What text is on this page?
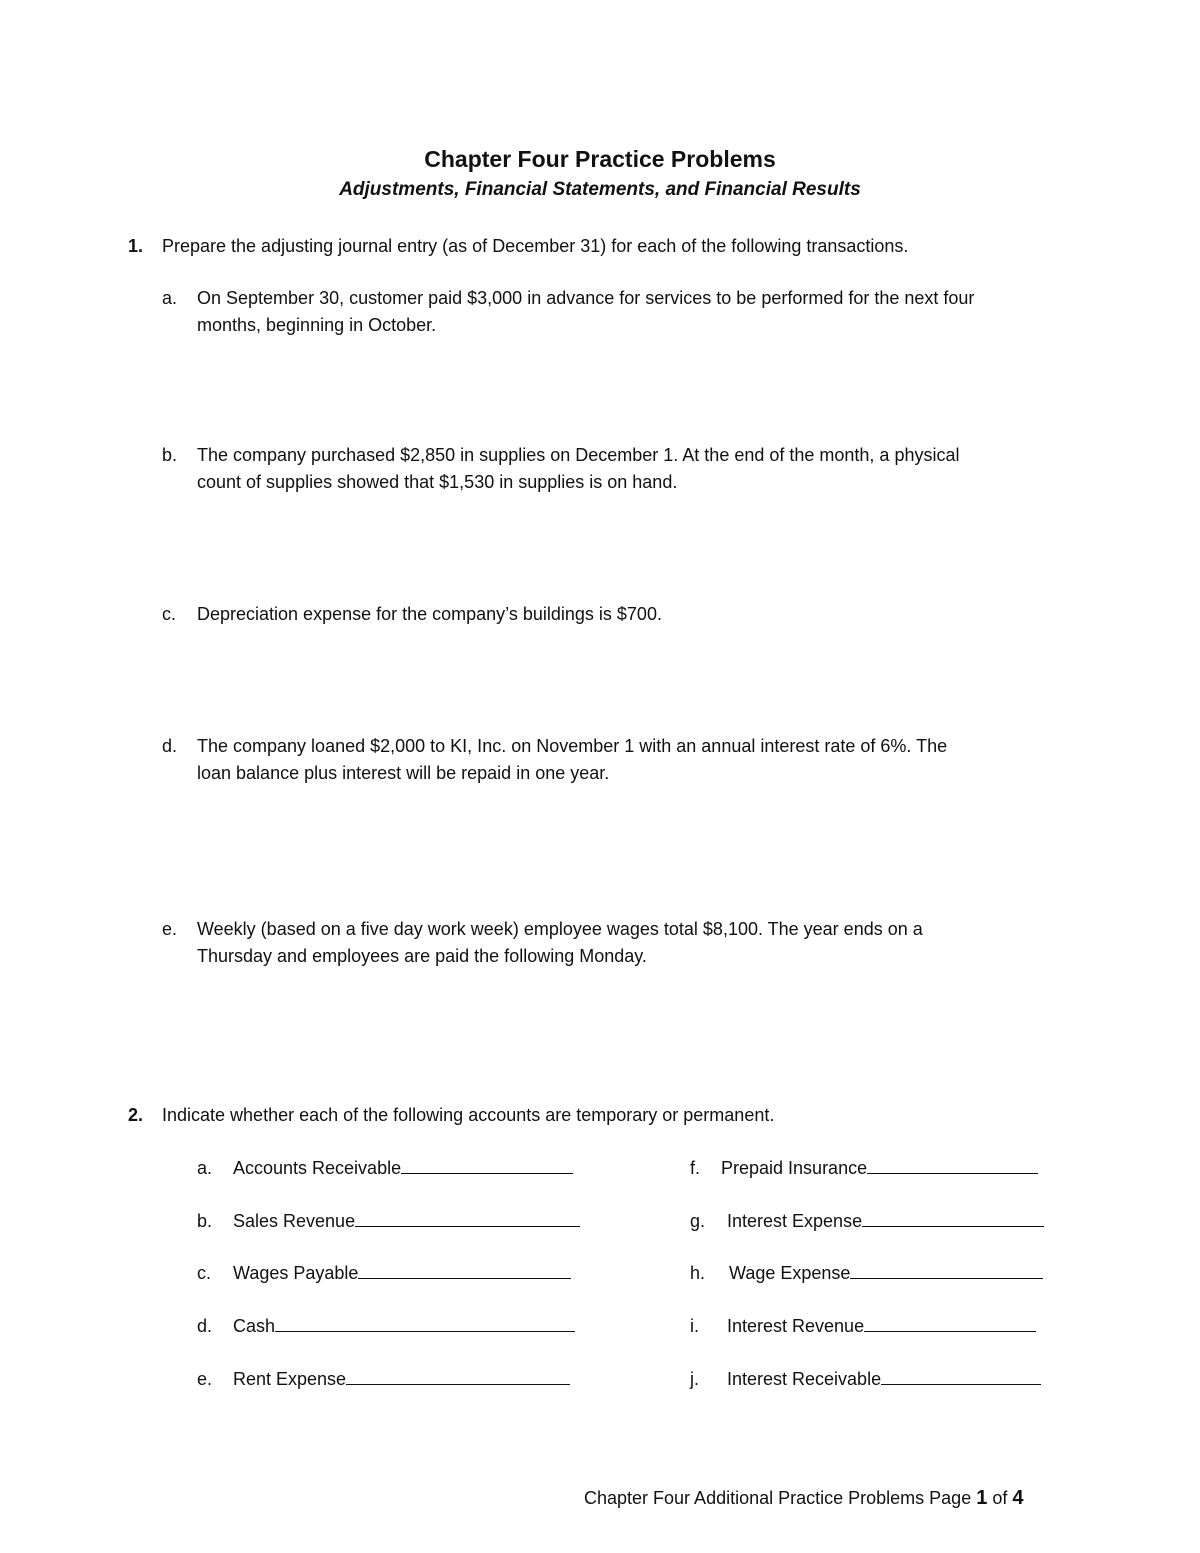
Chapter Four Practice Problems
Adjustments, Financial Statements, and Financial Results
1. Prepare the adjusting journal entry (as of December 31) for each of the following transactions.
a. On September 30, customer paid $3,000 in advance for services to be performed for the next four
months, beginning in October.
b. The company purchased $2,850 in supplies on December 1. At the end of the month, a physical
count of supplies showed that $1,530 in supplies is on hand.
c. Depreciation expense for the company’s buildings is $700.
d. The company loaned $2,000 to KI, Inc. on November 1 with an annual interest rate of 6%. The
loan balance plus interest will be repaid in one year.
e. Weekly (based on a five day work week) employee wages total $8,100. The year ends on a
Thursday and employees are paid the following Monday.
2. Indicate whether each of the following accounts are temporary or permanent.
a. Accounts Receivable
b. Sales Revenue
c. Wages Payable
d. Cash
e. Rent Expense
f. Prepaid Insurance
g. Interest Expense
h. Wage Expense
i. Interest Revenue
j. Interest Receivable
Chapter Four Additional Practice Problems Page 1 of 4
